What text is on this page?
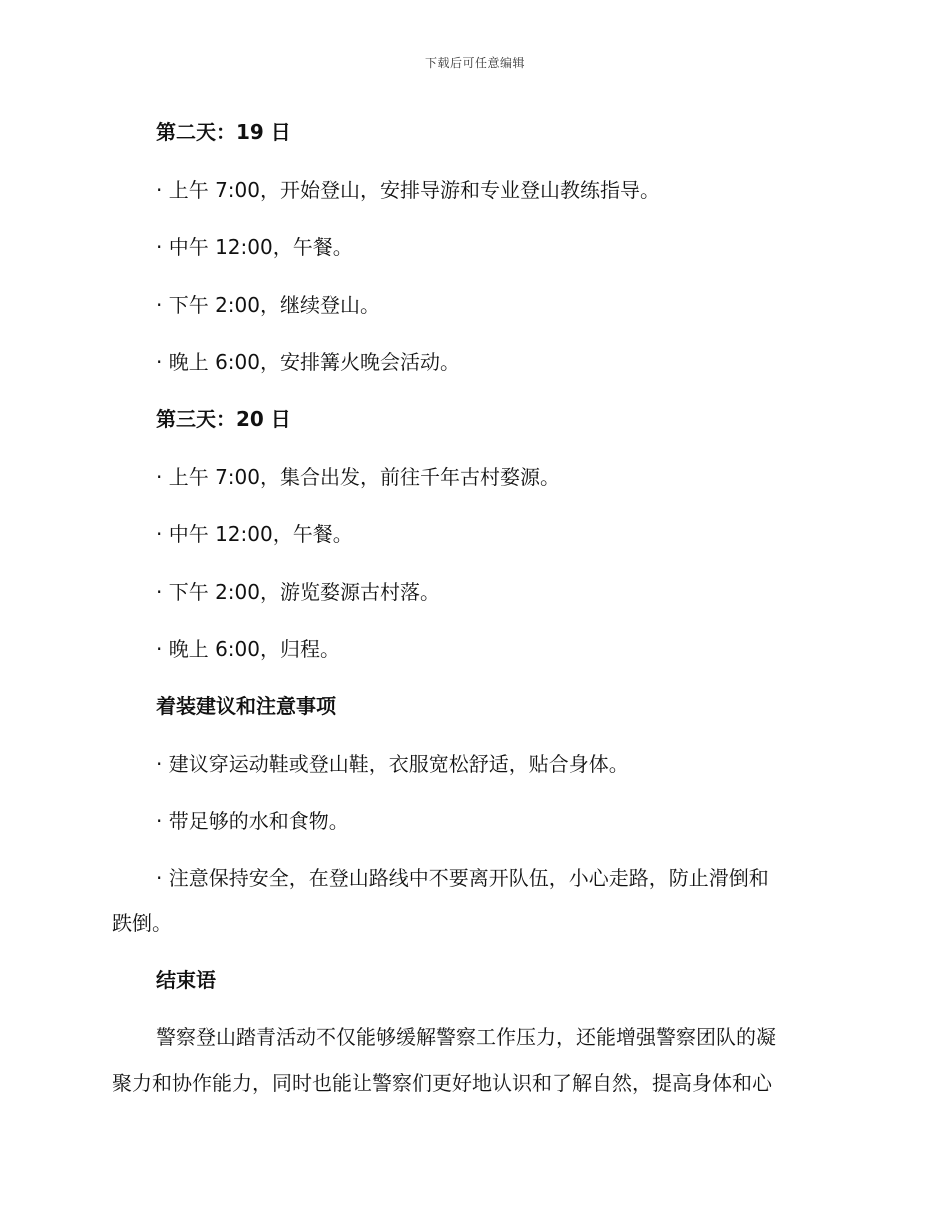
下载后可任意编辑
第二天：19 日
· 上午 7:00，开始登山，安排导游和专业登山教练指导。
· 中午 12:00，午餐。
· 下午 2:00，继续登山。
· 晚上 6:00，安排篝火晚会活动。
第三天：20 日
· 上午 7:00，集合出发，前往千年古村婺源。
· 中午 12:00，午餐。
· 下午 2:00，游览婺源古村落。
· 晚上 6:00，归程。
着装建议和注意事项
· 建议穿运动鞋或登山鞋，衣服宽松舒适，贴合身体。
· 带足够的水和食物。
· 注意保持安全，在登山路线中不要离开队伍，小心走路，防止滑倒和
跌倒。
结束语
警察登山踏青活动不仅能够缓解警察工作压力，还能增强警察团队的凝
聚力和协作能力，同时也能让警察们更好地认识和了解自然，提高身体和心
